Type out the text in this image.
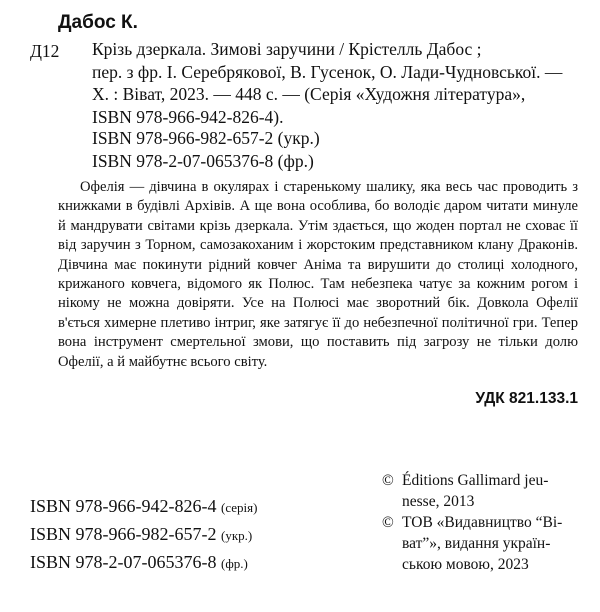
Дабос К.
Д12 Крізь дзеркала. Зимові заручини / Крістелль Дабос ;
пер. з фр. І. Серебрякової, В. Гусенок, О. Лади-Чудновської. —
Х. : Віват, 2023. — 448 с. — (Серія «Художня література»,
ISBN 978-966-942-826-4).
ISBN 978-966-982-657-2 (укр.)
ISBN 978-2-07-065376-8 (фр.)

Офелія — дівчина в окулярах і старенькому шалику, яка весь час проводить з книжками в будівлі Архівів. А ще вона особлива, бо володіє даром читати минуле й мандрувати світами крізь дзеркала. Утім здається, що жоден портал не сховає її від заручин з Торном, самозакоханим і жорстоким представником клану Драконів. Дівчина має покинути рідний ковчег Аніма та вирушити до столиці холодного, крижаного ковчега, відомого як Полюс. Там небезпека чатує за кожним рогом і нікому не можна довіряти. Усе на Полюсі має зворотний бік. Довкола Офелії в'ється химерне плетиво інтриг, яке затягує її до небезпечної політичної гри. Тепер вона інструмент смертельної змови, що поставить під загрозу не тільки долю Офелії, а й майбутнє всього світу.

УДК 821.133.1
ISBN 978-966-942-826-4 (серія)
ISBN 978-966-982-657-2 (укр.)
ISBN 978-2-07-065376-8 (фр.)
© Éditions Gallimard jeu-
nesse, 2013
© ТОВ «Видавництво “Ві-
ват”», видання україн-
ською мовою, 2023
